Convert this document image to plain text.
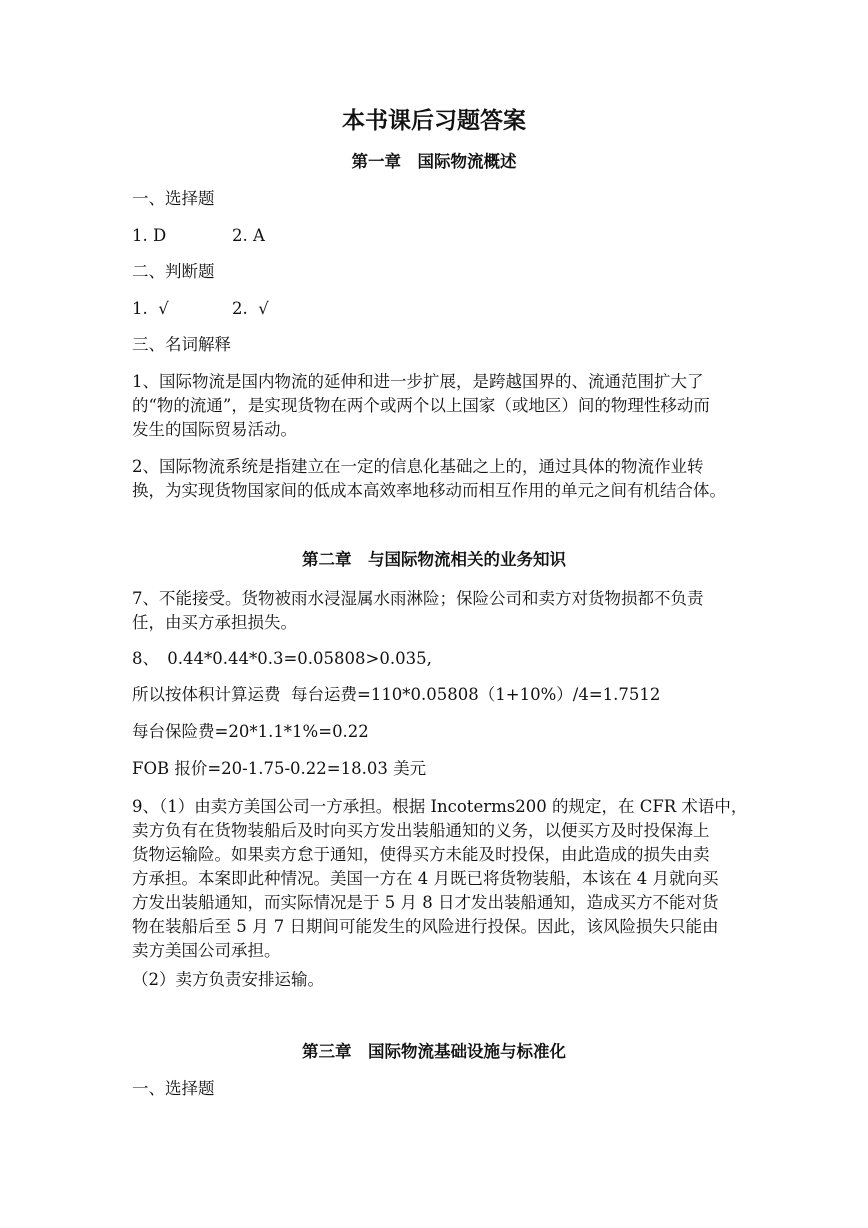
本书课后习题答案
第一章　国际物流概述
一、选择题
1. D	2. A
二、判断题
1.  √	2.  √
三、名词解释

1、国际物流是国内物流的延伸和进一步扩展，是跨越国界的、流通范围扩大了
的“物的流通”，是实现货物在两个或两个以上国家（或地区）间的物理性移动而
发生的国际贸易活动。

2、国际物流系统是指建立在一定的信息化基础之上的，通过具体的物流作业转
换，为实现货物国家间的低成本高效率地移动而相互作用的单元之间有机结合体。

第二章　与国际物流相关的业务知识

7、不能接受。货物被雨水浸湿属水雨淋险；保险公司和卖方对货物损都不负责
任，由买方承担损失。

8、　0.44*0.44*0.3=0.05808>0.035,
所以按体积计算运费  每台运费=110*0.05808（1+10%）/4=1.7512
每台保险费=20*1.1*1%=0.22
FOB 报价=20-1.75-0.22=18.03 美元

9、（1）由卖方美国公司一方承担。根据 Incoterms200 的规定，在 CFR 术语中，
卖方负有在货物装船后及时向买方发出装船通知的义务，以便买方及时投保海上
货物运输险。如果卖方怠于通知，使得买方未能及时投保，由此造成的损失由卖
方承担。本案即此种情况。美国一方在 4 月既已将货物装船，本该在 4 月就向买
方发出装船通知，而实际情况是于 5 月 8 日才发出装船通知，造成买方不能对货
物在装船后至 5 月 7 日期间可能发生的风险进行投保。因此，该风险损失只能由
卖方美国公司承担。

（2）卖方负责安排运输。
第三章　国际物流基础设施与标准化
一、选择题
